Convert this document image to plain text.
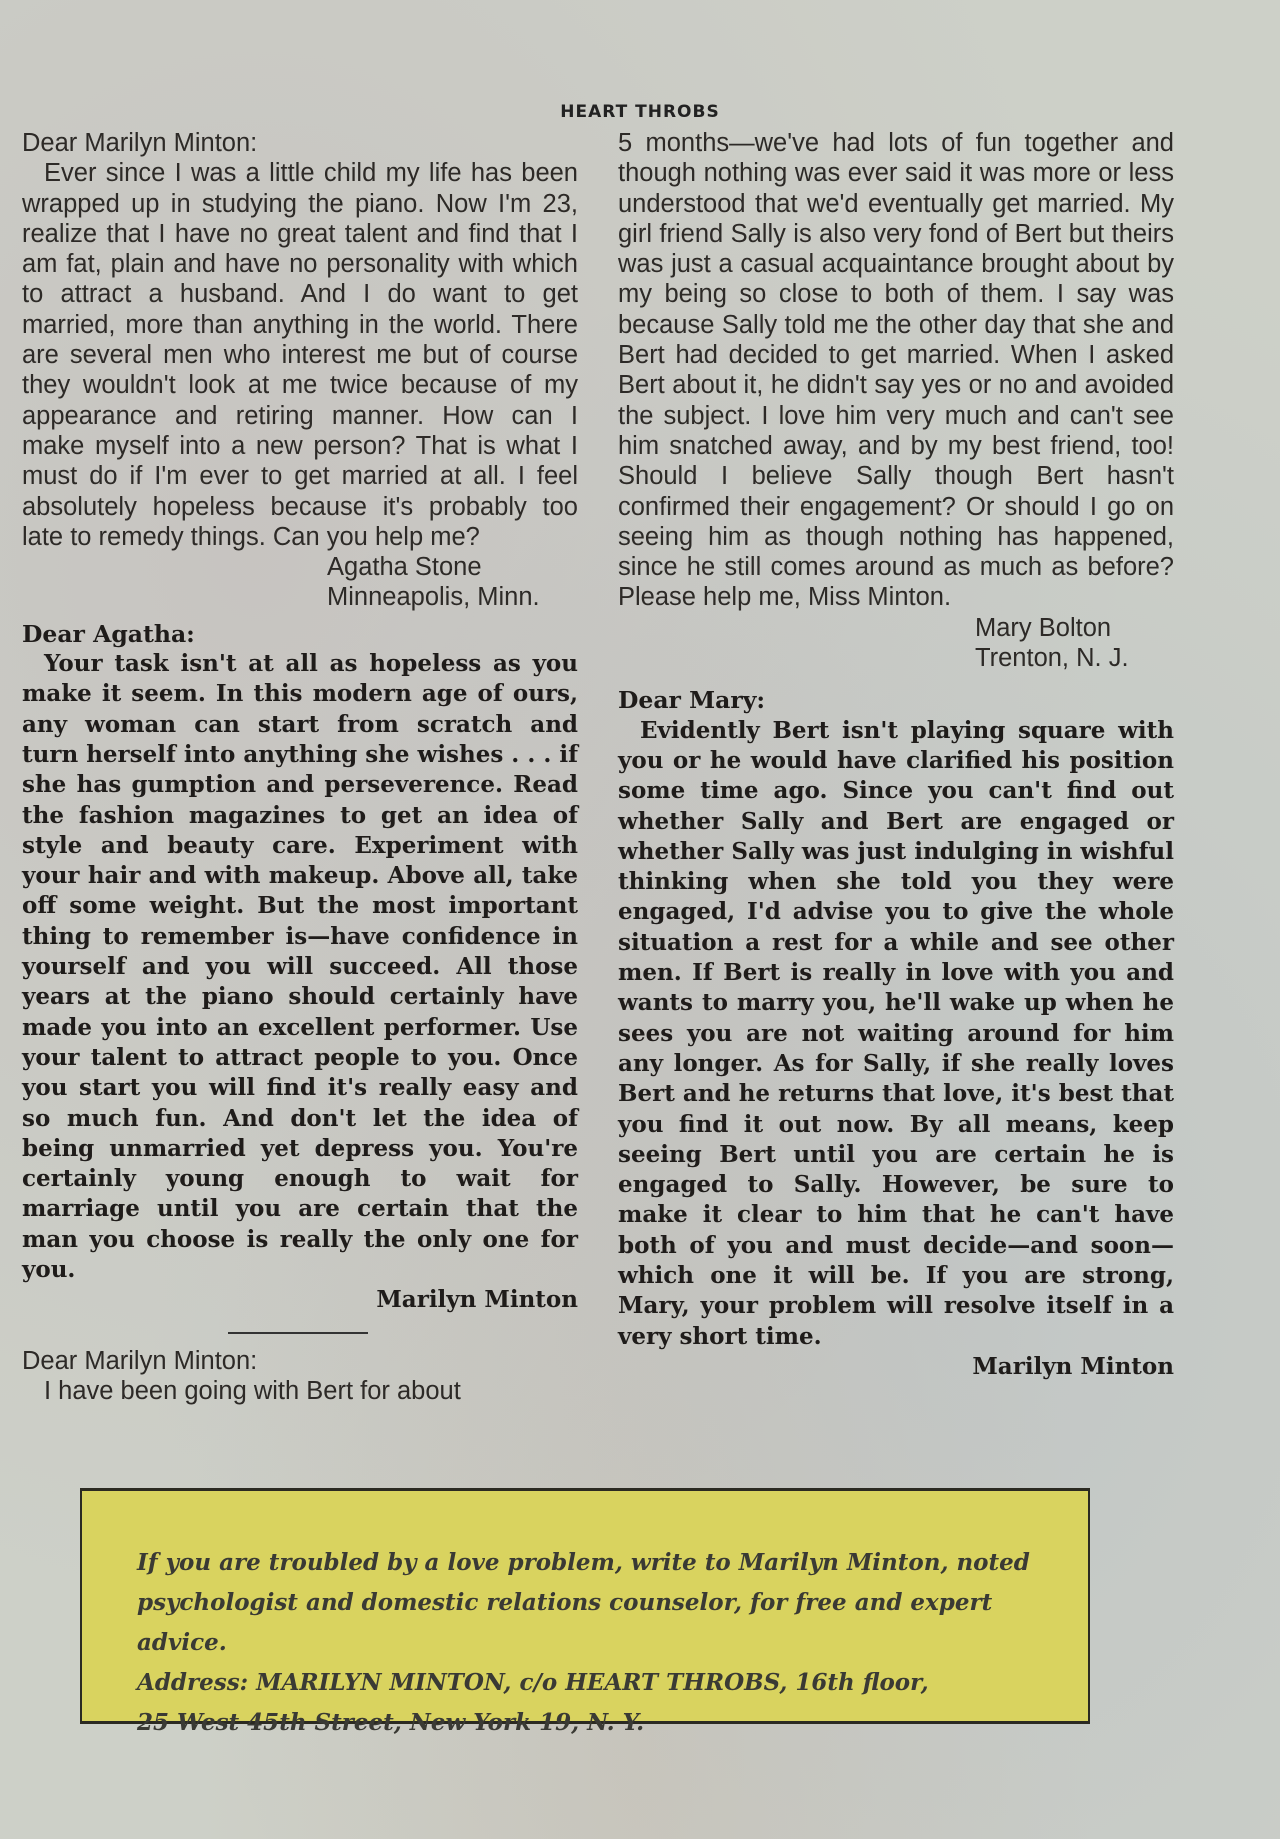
HEART THROBS

Dear Marilyn Minton:

Ever since I was a little child my life has been wrapped up in studying the piano. Now I'm 23, realize that I have no great talent and find that I am fat, plain and have no personality with which to attract a husband. And I do want to get married, more than anything in the world. There are several men who interest me but of course they wouldn't look at me twice because of my appearance and retiring manner. How can I make myself into a new person? That is what I must do if I'm ever to get married at all. I feel absolutely hopeless because it's probably too late to remedy things. Can you help me?

Agatha Stone
Minneapolis, Minn.

Dear Agatha:

Your task isn't at all as hopeless as you make it seem. In this modern age of ours, any woman can start from scratch and turn herself into anything she wishes . . . if she has gumption and perseverence. Read the fashion magazines to get an idea of style and beauty care. Experiment with your hair and with makeup. Above all, take off some weight. But the most important thing to remember is—have confidence in yourself and you will succeed. All those years at the piano should certainly have made you into an excellent performer. Use your talent to attract people to you. Once you start you will find it's really easy and so much fun. And don't let the idea of being unmarried yet depress you. You're certainly young enough to wait for marriage until you are certain that the man you choose is really the only one for you.

Marilyn Minton

Dear Marilyn Minton:

I have been going with Bert for about

5 months—we've had lots of fun together and though nothing was ever said it was more or less understood that we'd eventually get married. My girl friend Sally is also very fond of Bert but theirs was just a casual acquaintance brought about by my being so close to both of them. I say was because Sally told me the other day that she and Bert had decided to get married. When I asked Bert about it, he didn't say yes or no and avoided the subject. I love him very much and can't see him snatched away, and by my best friend, too! Should I believe Sally though Bert hasn't confirmed their engagement? Or should I go on seeing him as though nothing has happened, since he still comes around as much as before? Please help me, Miss Minton.

Mary Bolton
Trenton, N. J.

Dear Mary:

Evidently Bert isn't playing square with you or he would have clarified his position some time ago. Since you can't find out whether Sally and Bert are engaged or whether Sally was just indulging in wishful thinking when she told you they were engaged, I'd advise you to give the whole situation a rest for a while and see other men. If Bert is really in love with you and wants to marry you, he'll wake up when he sees you are not waiting around for him any longer. As for Sally, if she really loves Bert and he returns that love, it's best that you find it out now. By all means, keep seeing Bert until you are certain he is engaged to Sally. However, be sure to make it clear to him that he can't have both of you and must decide—and soon—which one it will be. If you are strong, Mary, your problem will resolve itself in a very short time.

Marilyn Minton
If you are troubled by a love problem, write to Marilyn Minton, noted
psychologist and domestic relations counselor, for free and expert advice.
Address: MARILYN MINTON, c/o HEART THROBS, 16th floor,
25 West 45th Street, New York 19, N. Y.
